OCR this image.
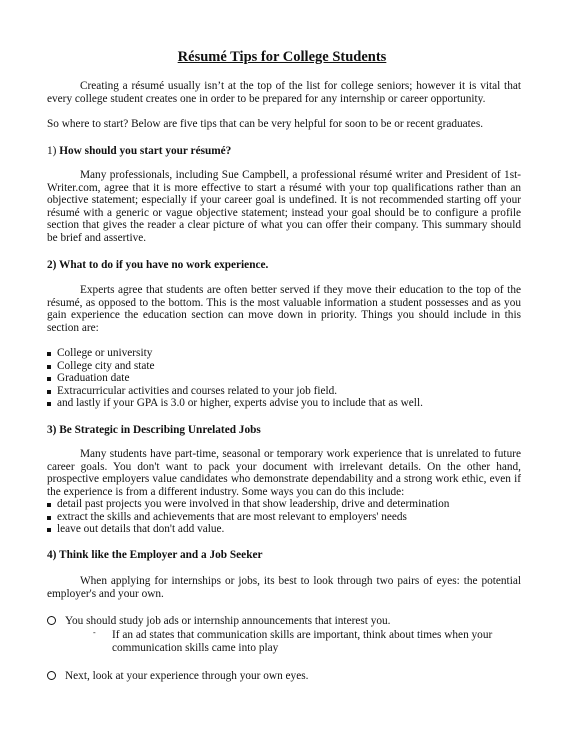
Résumé Tips for College Students

Creating a résumé usually isn’t at the top of the list for college seniors; however it is vital that every college student creates one in order to be prepared for any internship or career opportunity.

So where to start? Below are five tips that can be very helpful for soon to be or recent graduates.

1) How should you start your résumé?

Many professionals, including Sue Campbell, a professional résumé writer and President of 1st-Writer.com, agree that it is more effective to start a résumé with your top qualifications rather than an objective statement; especially if your career goal is undefined. It is not recommended starting off your résumé with a generic or vague objective statement; instead your goal should be to configure a profile section that gives the reader a clear picture of what you can offer their company. This summary should be brief and assertive.

2) What to do if you have no work experience.

Experts agree that students are often better served if they move their education to the top of the résumé, as opposed to the bottom. This is the most valuable information a student possesses and as you gain experience the education section can move down in priority. Things you should include in this section are:

College or university
College city and state
Graduation date
Extracurricular activities and courses related to your job field.
and lastly if your GPA is 3.0 or higher, experts advise you to include that as well.

3) Be Strategic in Describing Unrelated Jobs

Many students have part-time, seasonal or temporary work experience that is unrelated to future career goals. You don't want to pack your document with irrelevant details. On the other hand, prospective employers value candidates who demonstrate dependability and a strong work ethic, even if the experience is from a different industry. Some ways you can do this include:

detail past projects you were involved in that show leadership, drive and determination
extract the skills and achievements that are most relevant to employers' needs
leave out details that don't add value.

4) Think like the Employer and a Job Seeker

When applying for internships or jobs, its best to look through two pairs of eyes: the potential employer's and your own.

You should study job ads or internship announcements that interest you.
- If an ad states that communication skills are important, think about times when your communication skills came into play
Next, look at your experience through your own eyes.
